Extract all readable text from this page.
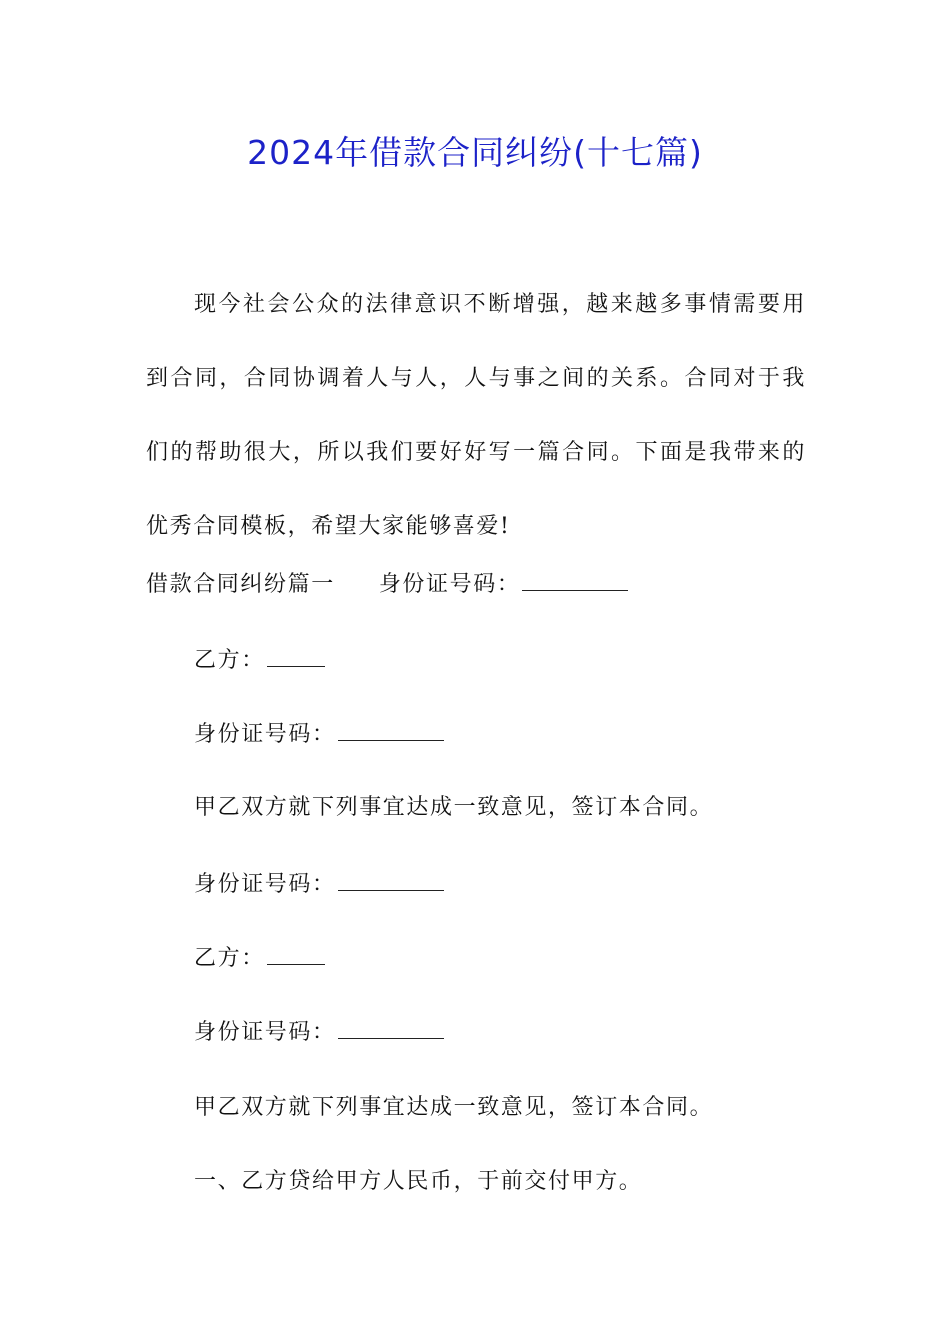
2024年借款合同纠纷(十七篇)

现今社会公众的法律意识不断增强，越来越多事情需要用到合同，合同协调着人与人，人与事之间的关系。合同对于我们的帮助很大，所以我们要好好写一篇合同。下面是我带来的优秀合同模板，希望大家能够喜爱!

借款合同纠纷篇一 身份证号码：
乙方：
身份证号码：
甲乙双方就下列事宜达成一致意见，签订本合同。
身份证号码：
乙方：
身份证号码：
甲乙双方就下列事宜达成一致意见，签订本合同。
一、乙方贷给甲方人民币，于前交付甲方。
